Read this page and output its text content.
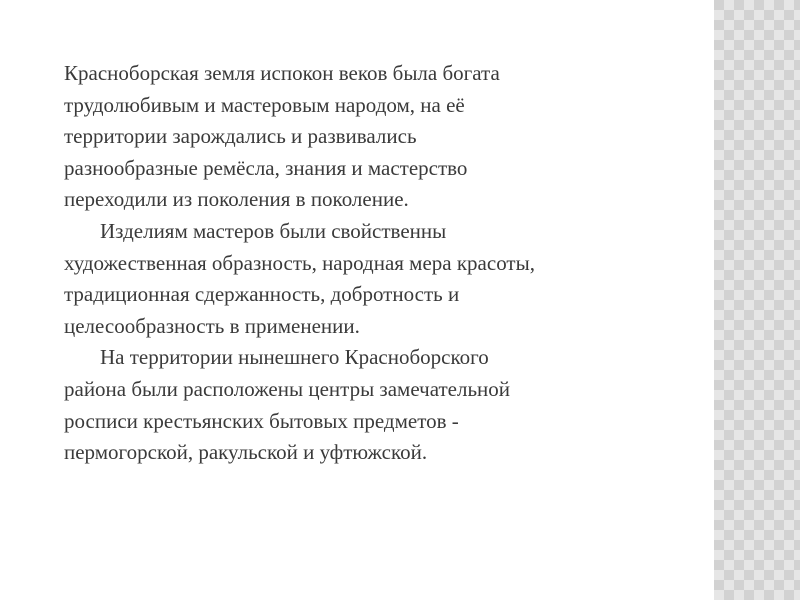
Красноборская земля испокон веков была богата
трудолюбивым и мастеровым народом, на её
территории зарождались и развивались
разнообразные ремёсла, знания и мастерство
переходили из поколения в поколение.

Изделиям мастеров были свойственны
художественная образность, народная мера красоты,
традиционная сдержанность, добротность и
целесообразность в применении.

На территории нынешнего Красноборского
района были расположены центры замечательной
росписи крестьянских бытовых предметов -
пермогорской, ракульской и уфтюжской.
